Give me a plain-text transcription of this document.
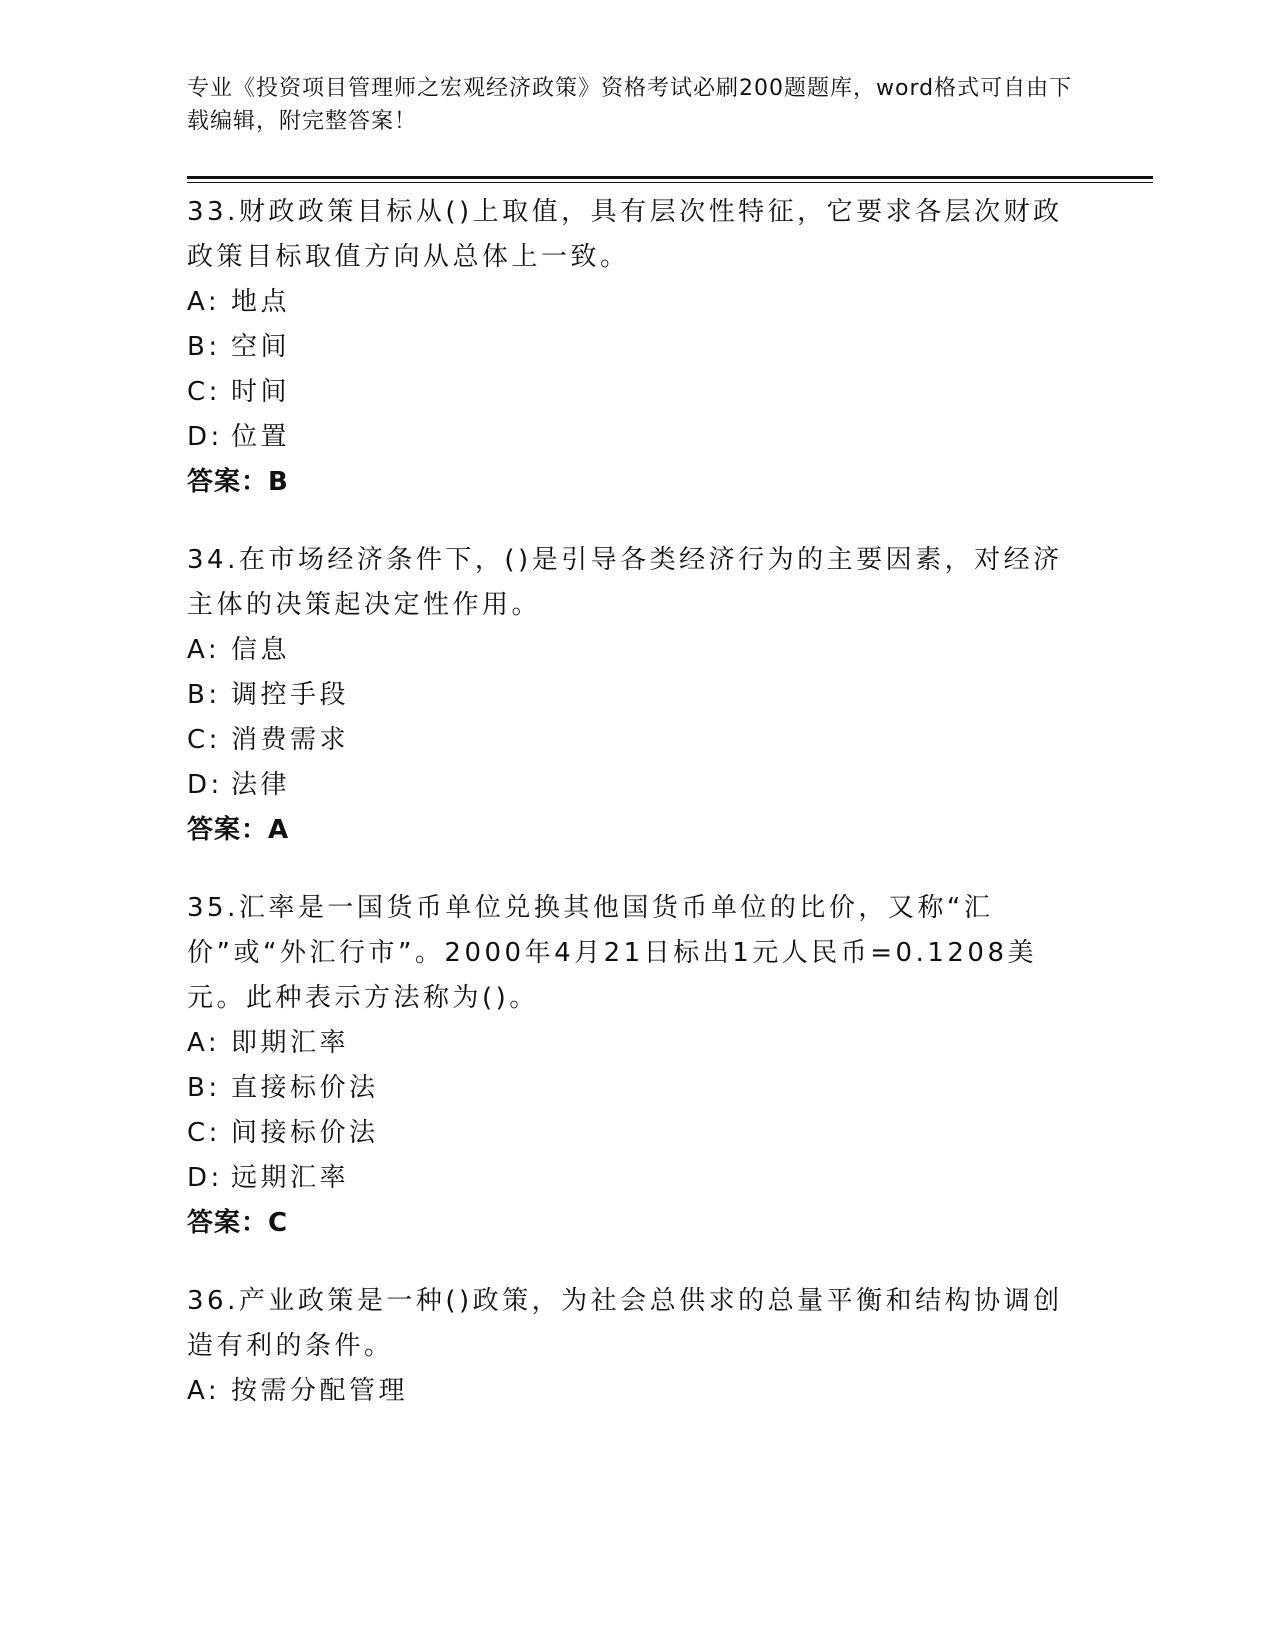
专业《投资项目管理师之宏观经济政策》资格考试必刷200题题库，word格式可自由下载编辑，附完整答案！

33.财政政策目标从()上取值，具有层次性特征，它要求各层次财政政策目标取值方向从总体上一致。

A: 地点

B: 空间

C: 时间

D: 位置

答案：B

34.在市场经济条件下，()是引导各类经济行为的主要因素，对经济主体的决策起决定性作用。

A: 信息

B: 调控手段

C: 消费需求

D: 法律

答案：A

35.汇率是一国货币单位兑换其他国货币单位的比价，又称“汇价”或“外汇行市”。2000年4月21日标出1元人民币=0.1208美元。此种表示方法称为()。

A: 即期汇率

B: 直接标价法

C: 间接标价法

D: 远期汇率

答案：C

36.产业政策是一种()政策，为社会总供求的总量平衡和结构协调创造有利的条件。

A: 按需分配管理
